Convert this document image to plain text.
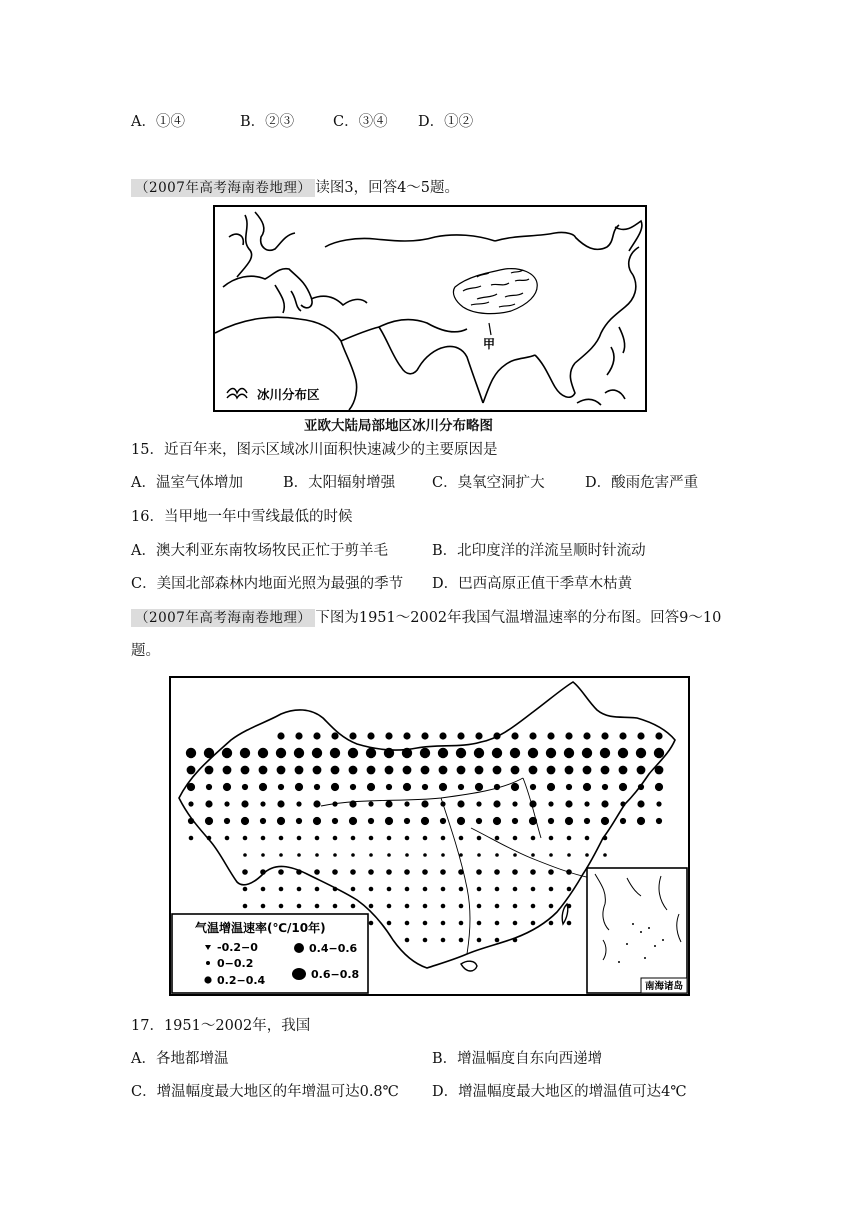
A．①④	B．②③	C．③④ D．①②
（2007年高考海南卷地理） 读图3，回答4～5题。
甲
冰川分布区
亚欧大陆局部地区冰川分布略图
15．近百年来，图示区域冰川面积快速减少的主要原因是
A．温室气体增加	B．太阳辐射增强	C．臭氧空洞扩大	D．酸雨危害严重
16．当甲地一年中雪线最低的时候
A．澳大利亚东南牧场牧民正忙于剪羊毛	B．北印度洋的洋流呈顺时针流动
C．美国北部森林内地面光照为最强的季节 D．巴西高原正值干季草木枯黄
（2007年高考海南卷地理） 下图为1951～2002年我国气温增温速率的分布图。回答9～10
题。
气温增温速率(℃/10年)
-0.2−0
0−0.2
0.2−0.4
0.4−0.6
0.6−0.8
南海诸岛
17．1951～2002年，我国
A．各地都增温	B．增温幅度自东向西递增
C．增温幅度最大地区的年增温可达0.8℃ D．增温幅度最大地区的增温值可达4℃
